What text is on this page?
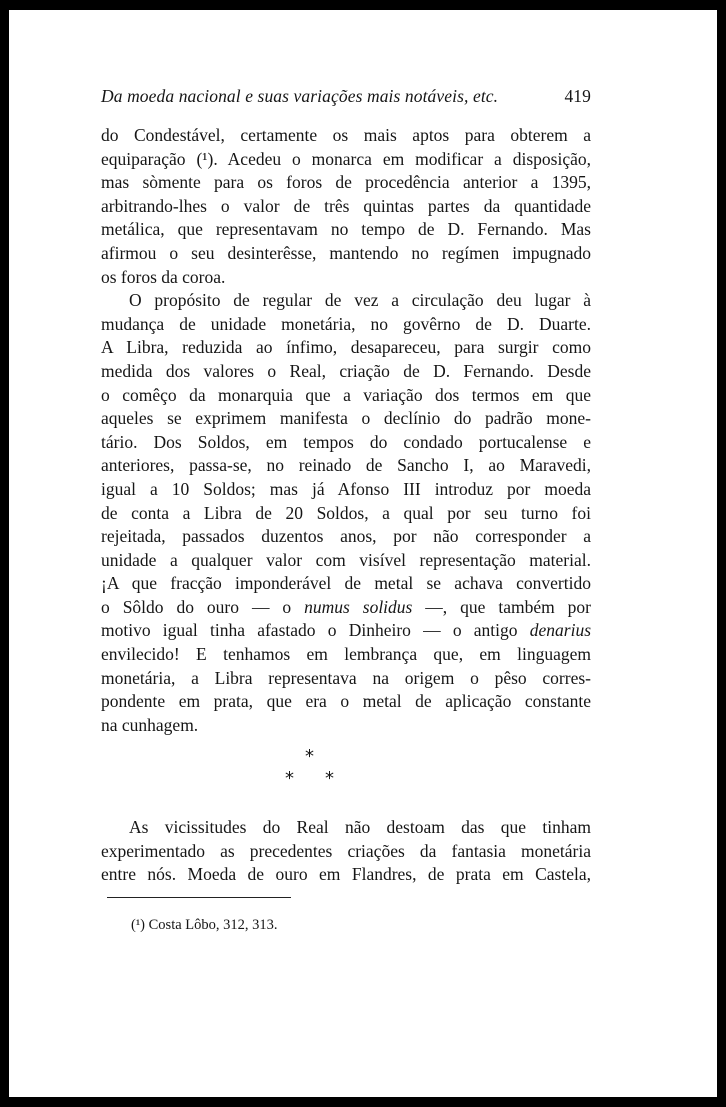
Da moeda nacional e suas variações mais notáveis, etc.	419
do Condestável, certamente os mais aptos para obterem a
equiparação (¹). Acedeu o monarca em modificar a disposição,
mas sòmente para os foros de procedência anterior a 1395,
arbitrando-lhes o valor de três quintas partes da quantidade
metálica, que representavam no tempo de D. Fernando. Mas
afirmou o seu desinterêsse, mantendo no regímen impugnado
os foros da coroa.
O propósito de regular de vez a circulação deu lugar à
mudança de unidade monetária, no govêrno de D. Duarte.
A Libra, reduzida ao ínfimo, desapareceu, para surgir como
medida dos valores o Real, criação de D. Fernando. Desde
o comêço da monarquia que a variação dos termos em que
aqueles se exprimem manifesta o declínio do padrão mone-
tário. Dos Soldos, em tempos do condado portucalense e
anteriores, passa-se, no reinado de Sancho I, ao Maravedi,
igual a 10 Soldos; mas já Afonso III introduz por moeda
de conta a Libra de 20 Soldos, a qual por seu turno foi
rejeitada, passados duzentos anos, por não corresponder a
unidade a qualquer valor com visível representação material.
¡A que fracção imponderável de metal se achava convertido
o Sôldo do ouro — o numus solidus —, que também por
motivo igual tinha afastado o Dinheiro — o antigo denarius
envilecido! E tenhamos em lembrança que, em linguagem
monetária, a Libra representava na origem o pêso corres-
pondente em prata, que era o metal de aplicação constante
na cunhagem.
*
* *
As vicissitudes do Real não destoam das que tinham
experimentado as precedentes criações da fantasia monetária
entre nós. Moeda de ouro em Flandres, de prata em Castela,
(¹) Costa Lôbo, 312, 313.
